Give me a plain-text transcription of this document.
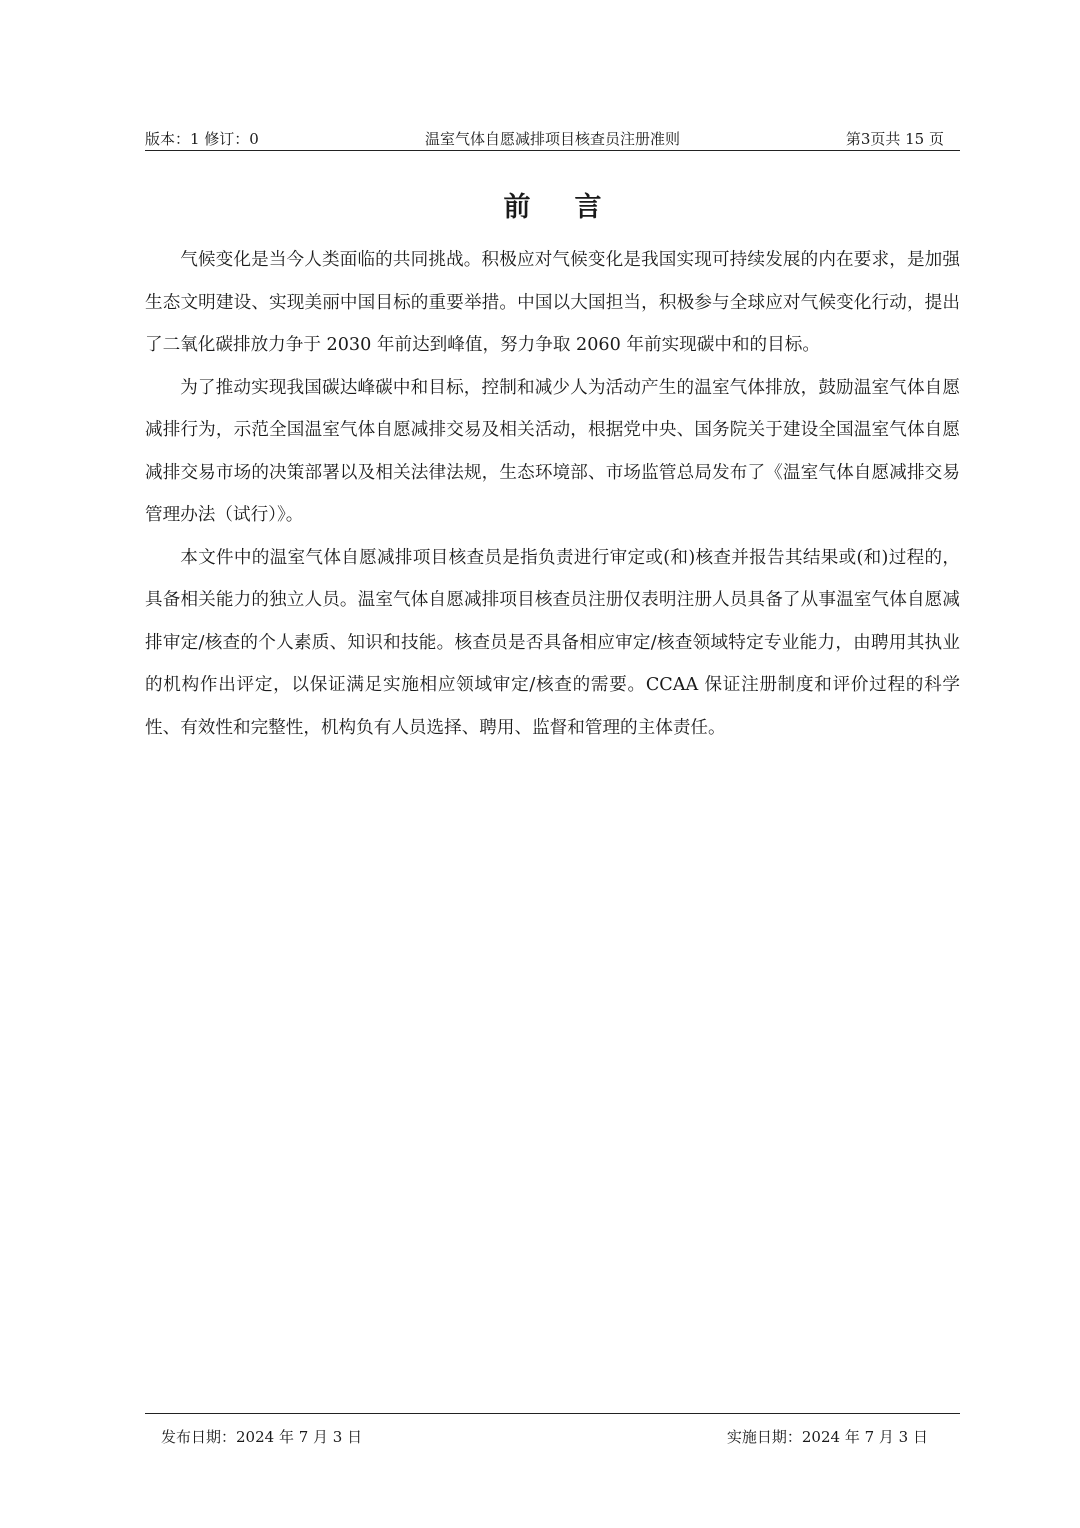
版本：1 修订：0	温室气体自愿减排项目核查员注册准则	第3页共 15 页
前言

气候变化是当今人类面临的共同挑战。积极应对气候变化是我国实现可持续发展的内在要求，是加强生态文明建设、实现美丽中国目标的重要举措。中国以大国担当，积极参与全球应对气候变化行动，提出了二氧化碳排放力争于 2030 年前达到峰值，努力争取 2060 年前实现碳中和的目标。

为了推动实现我国碳达峰碳中和目标，控制和减少人为活动产生的温室气体排放，鼓励温室气体自愿减排行为，示范全国温室气体自愿减排交易及相关活动，根据党中央、国务院关于建设全国温室气体自愿减排交易市场的决策部署以及相关法律法规，生态环境部、市场监管总局发布了《温室气体自愿减排交易管理办法（试行）》。

本文件中的温室气体自愿减排项目核查员是指负责进行审定或(和)核查并报告其结果或(和)过程的，具备相关能力的独立人员。温室气体自愿减排项目核查员注册仅表明注册人员具备了从事温室气体自愿减排审定/核查的个人素质、知识和技能。核查员是否具备相应审定/核查领域特定专业能力，由聘用其执业的机构作出评定，以保证满足实施相应领域审定/核查的需要。CCAA 保证注册制度和评价过程的科学性、有效性和完整性，机构负有人员选择、聘用、监督和管理的主体责任。

发布日期：2024 年 7 月 3 日	实施日期：2024 年 7 月 3 日
